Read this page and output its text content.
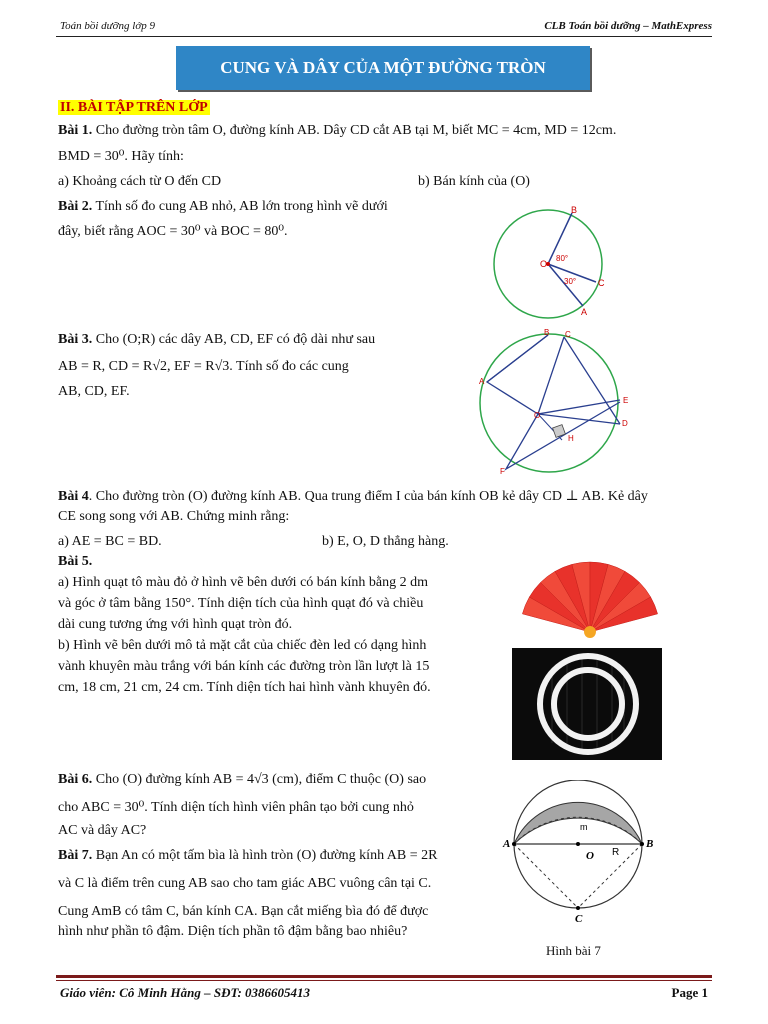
Toán bồi dưỡng lớp 9	CLB Toán bồi dưỡng – MathExpress
CUNG VÀ DÂY CỦA MỘT ĐƯỜNG TRÒN
II. BÀI TẬP TRÊN LỚP
Bài 1. Cho đường tròn tâm O, đường kính AB. Dây CD cắt AB tại M, biết MC = 4cm, MD = 12cm.
BMD = 30⁰. Hãy tính:
a) Khoảng cách từ O đến CD	b) Bán kính của (O)
Bài 2. Tính số đo cung AB nhỏ, AB lớn trong hình vẽ dưới
đây, biết rằng AOC = 30⁰ và BOC = 80⁰.
B
O
C
A
80°
30°
Bài 3. Cho (O;R) các dây AB, CD, EF có độ dài như sau
AB = R, CD = R√2, EF = R√3. Tính số đo các cung
AB, CD, EF.
B C
A
O
E
D
H
F
Bài 4. Cho đường tròn (O) đường kính AB. Qua trung điểm I của bán kính OB kẻ dây CD ⊥ AB. Kẻ dây
CE song song với AB. Chứng minh rằng:
a) AE = BC = BD.	b) E, O, D thẳng hàng.
Bài 5.
a) Hình quạt tô màu đỏ ở hình vẽ bên dưới có bán kính bằng 2 dm
và góc ở tâm bằng 150°. Tính diện tích của hình quạt đó và chiều
dài cung tương ứng với hình quạt tròn đó.
b) Hình vẽ bên dưới mô tả mặt cắt của chiếc đèn led có dạng hình
vành khuyên màu trắng với bán kính các đường tròn lần lượt là 15
cm, 18 cm, 21 cm, 24 cm. Tính diện tích hai hình vành khuyên đó.
Bài 6. Cho (O) đường kính AB = 4√3 (cm), điểm C thuộc (O) sao
cho ABC = 30⁰. Tính diện tích hình viên phân tạo bởi cung nhỏ
AC và dây AC?
Bài 7. Bạn An có một tấm bìa là hình tròn (O) đường kính AB = 2R
và C là điểm trên cung AB sao cho tam giác ABC vuông cân tại C.
Cung AmB có tâm C, bán kính CA. Bạn cắt miếng bìa đó để được
hình như phần tô đậm. Diện tích phần tô đậm bằng bao nhiêu?
A	B
O R
m
C
Hình bài 7
Giáo viên: Cô Minh Hằng – SĐT: 0386605413	Page 1
